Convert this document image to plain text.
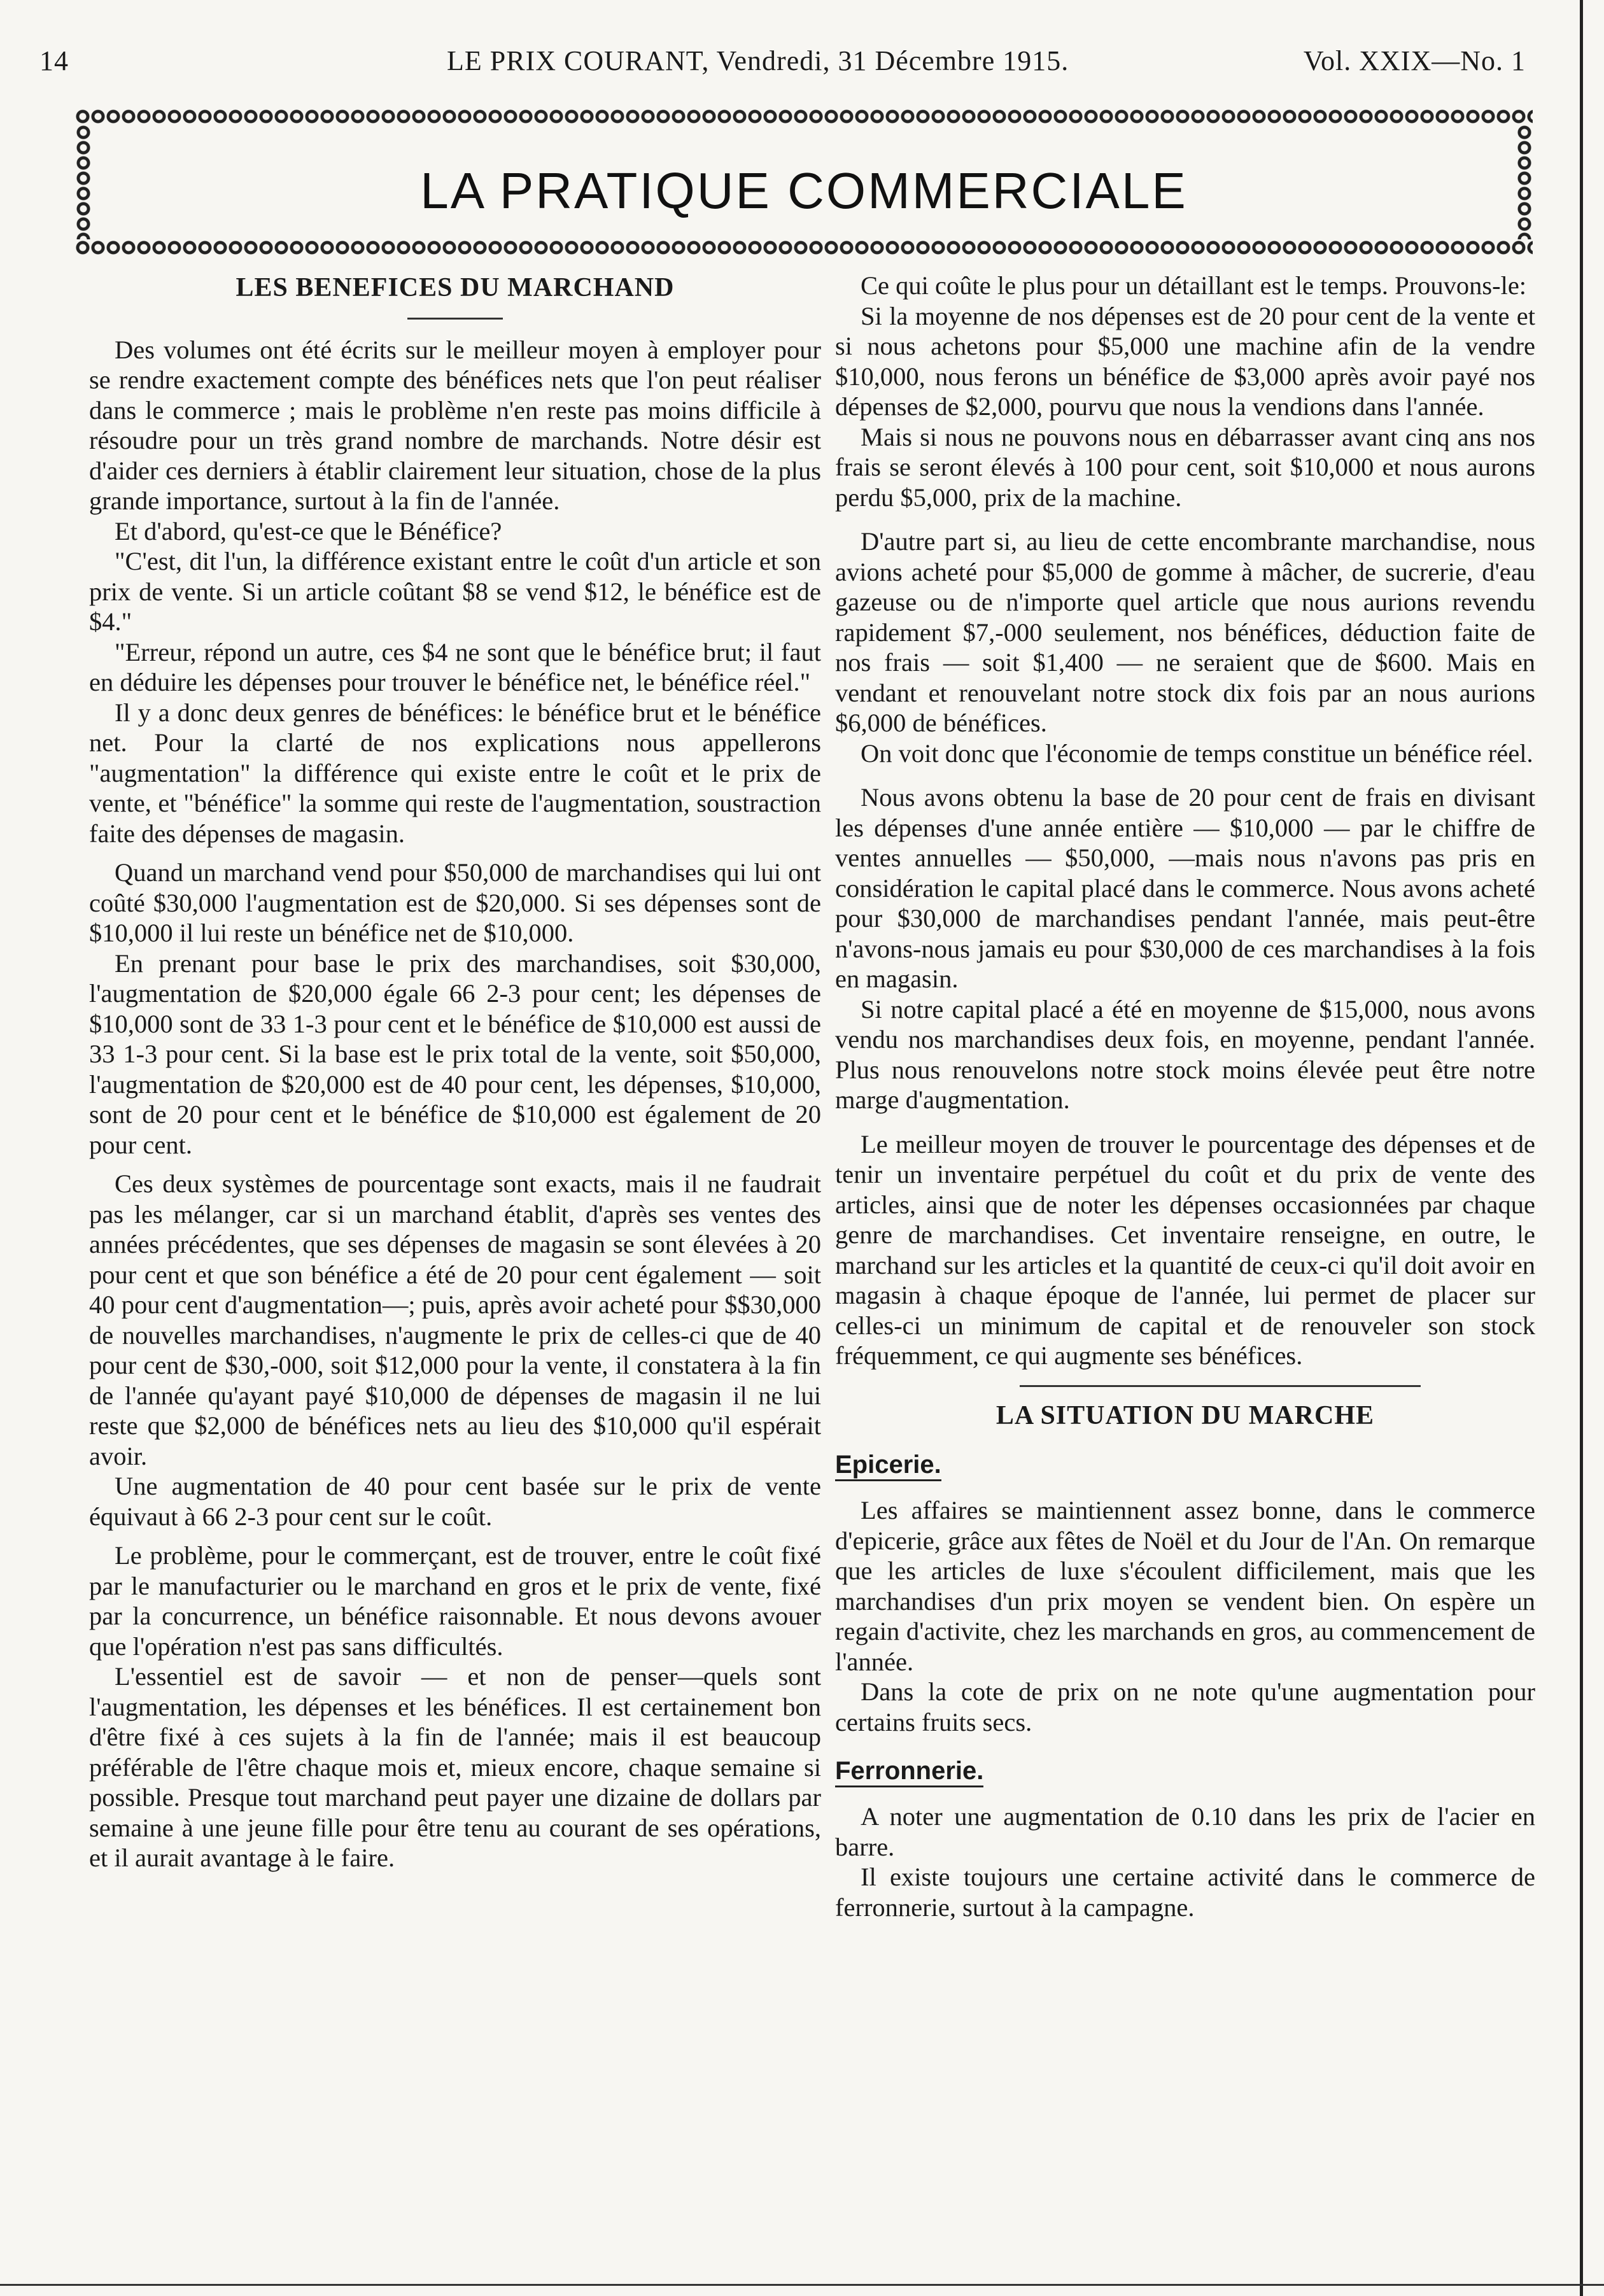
14	LE PRIX COURANT, Vendredi, 31 Décembre 1915.	Vol. XXIX—No. 1
LA PRATIQUE COMMERCIALE
LES BENEFICES DU MARCHAND

Des volumes ont été écrits sur le meilleur moyen à employer pour se rendre exactement compte des bénéfices nets que l'on peut réaliser dans le commerce ; mais le problème n'en reste pas moins difficile à résoudre pour un très grand nombre de marchands. Notre désir est d'aider ces derniers à établir clairement leur situation, chose de la plus grande importance, surtout à la fin de l'année.

Et d'abord, qu'est-ce que le Bénéfice?

"C'est, dit l'un, la différence existant entre le coût d'un article et son prix de vente. Si un article coûtant $8 se vend $12, le bénéfice est de $4."

"Erreur, répond un autre, ces $4 ne sont que le bénéfice brut; il faut en déduire les dépenses pour trouver le bénéfice net, le bénéfice réel."

Il y a donc deux genres de bénéfices: le bénéfice brut et le bénéfice net. Pour la clarté de nos explications nous appellerons "augmentation" la différence qui existe entre le coût et le prix de vente, et "bénéfice" la somme qui reste de l'augmentation, soustraction faite des dépenses de magasin.

Quand un marchand vend pour $50,000 de marchandises qui lui ont coûté $30,000 l'augmentation est de $20,000. Si ses dépenses sont de $10,000 il lui reste un bénéfice net de $10,000.

En prenant pour base le prix des marchandises, soit $30,000, l'augmentation de $20,000 égale 66 2-3 pour cent; les dépenses de $10,000 sont de 33 1-3 pour cent et le bénéfice de $10,000 est aussi de 33 1-3 pour cent. Si la base est le prix total de la vente, soit $50,000, l'augmentation de $20,000 est de 40 pour cent, les dépenses, $10,000, sont de 20 pour cent et le bénéfice de $10,000 est également de 20 pour cent.

Ces deux systèmes de pourcentage sont exacts, mais il ne faudrait pas les mélanger, car si un marchand établit, d'après ses ventes des années précédentes, que ses dépenses de magasin se sont élevées à 20 pour cent et que son bénéfice a été de 20 pour cent également — soit 40 pour cent d'augmentation—; puis, après avoir acheté pour $$30,000 de nouvelles marchandises, n'augmente le prix de celles-ci que de 40 pour cent de $30,-000, soit $12,000 pour la vente, il constatera à la fin de l'année qu'ayant payé $10,000 de dépenses de magasin il ne lui reste que $2,000 de bénéfices nets au lieu des $10,000 qu'il espérait avoir.

Une augmentation de 40 pour cent basée sur le prix de vente équivaut à 66 2-3 pour cent sur le coût.

Le problème, pour le commerçant, est de trouver, entre le coût fixé par le manufacturier ou le marchand en gros et le prix de vente, fixé par la concurrence, un bénéfice raisonnable. Et nous devons avouer que l'opération n'est pas sans difficultés.

L'essentiel est de savoir — et non de penser—quels sont l'augmentation, les dépenses et les bénéfices. Il est certainement bon d'être fixé à ces sujets à la fin de l'année; mais il est beaucoup préférable de l'être chaque mois et, mieux encore, chaque semaine si possible. Presque tout marchand peut payer une dizaine de dollars par semaine à une jeune fille pour être tenu au courant de ses opérations, et il aurait avantage à le faire.

Ce qui coûte le plus pour un détaillant est le temps. Prouvons-le:

Si la moyenne de nos dépenses est de 20 pour cent de la vente et si nous achetons pour $5,000 une machine afin de la vendre $10,000, nous ferons un bénéfice de $3,000 après avoir payé nos dépenses de $2,000, pourvu que nous la vendions dans l'année.

Mais si nous ne pouvons nous en débarrasser avant cinq ans nos frais se seront élevés à 100 pour cent, soit $10,000 et nous aurons perdu $5,000, prix de la machine.

D'autre part si, au lieu de cette encombrante marchandise, nous avions acheté pour $5,000 de gomme à mâcher, de sucrerie, d'eau gazeuse ou de n'importe quel article que nous aurions revendu rapidement $7,-000 seulement, nos bénéfices, déduction faite de nos frais — soit $1,400 — ne seraient que de $600. Mais en vendant et renouvelant notre stock dix fois par an nous aurions $6,000 de bénéfices.

On voit donc que l'économie de temps constitue un bénéfice réel.

Nous avons obtenu la base de 20 pour cent de frais en divisant les dépenses d'une année entière — $10,000 — par le chiffre de ventes annuelles — $50,000, —mais nous n'avons pas pris en considération le capital placé dans le commerce. Nous avons acheté pour $30,000 de marchandises pendant l'année, mais peut-être n'avons-nous jamais eu pour $30,000 de ces marchandises à la fois en magasin.

Si notre capital placé a été en moyenne de $15,000, nous avons vendu nos marchandises deux fois, en moyenne, pendant l'année. Plus nous renouvelons notre stock moins élevée peut être notre marge d'augmentation.

Le meilleur moyen de trouver le pourcentage des dépenses et de tenir un inventaire perpétuel du coût et du prix de vente des articles, ainsi que de noter les dépenses occasionnées par chaque genre de marchandises. Cet inventaire renseigne, en outre, le marchand sur les articles et la quantité de ceux-ci qu'il doit avoir en magasin à chaque époque de l'année, lui permet de placer sur celles-ci un minimum de capital et de renouveler son stock fréquemment, ce qui augmente ses bénéfices.

LA SITUATION DU MARCHE
Epicerie.

Les affaires se maintiennent assez bonne, dans le commerce d'epicerie, grâce aux fêtes de Noël et du Jour de l'An. On remarque que les articles de luxe s'écoulent difficilement, mais que les marchandises d'un prix moyen se vendent bien. On espère un regain d'activite, chez les marchands en gros, au commencement de l'année.

Dans la cote de prix on ne note qu'une augmentation pour certains fruits secs.

Ferronnerie.

A noter une augmentation de 0.10 dans les prix de l'acier en barre.

Il existe toujours une certaine activité dans le commerce de ferronnerie, surtout à la campagne.
